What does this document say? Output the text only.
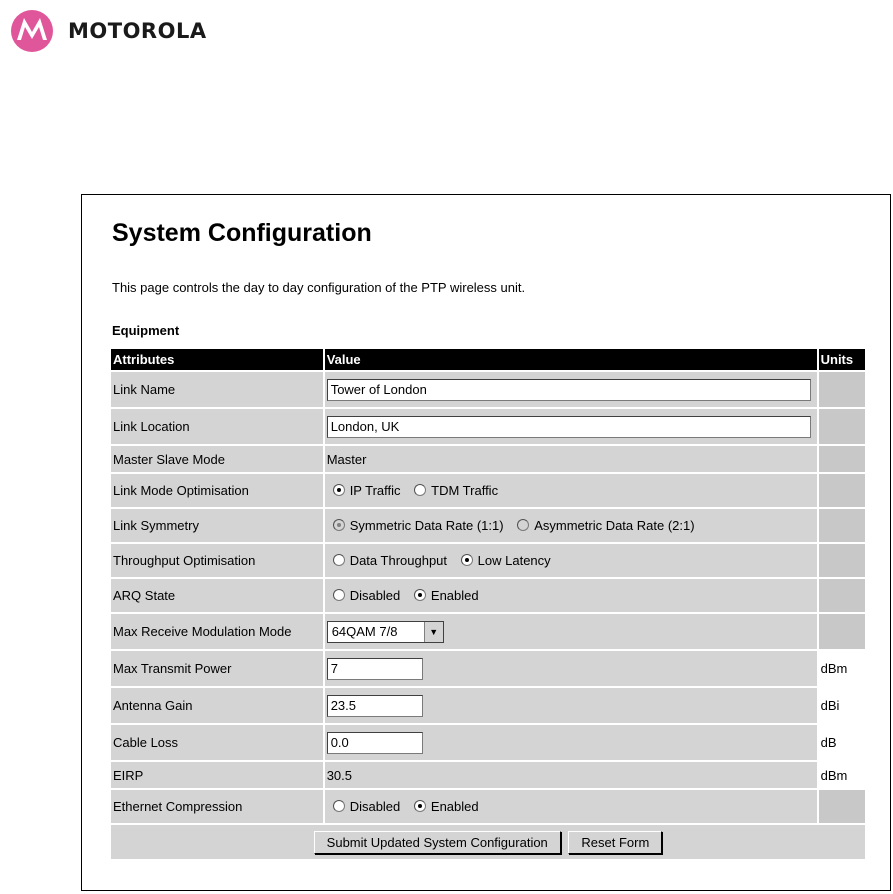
MOTOROLA
System Configuration
This page controls the day to day configuration of the PTP wireless unit.
Equipment
Attributes	Value	Units
Link Name	Tower of London	
Link Location	London, UK	
Master Slave Mode	Master	
Link Mode Optimisation	IP Traffic TDM Traffic	
Link Symmetry	Symmetric Data Rate (1:1) Asymmetric Data Rate (2:1)	
Throughput Optimisation	Data Throughput Low Latency	
ARQ State	Disabled Enabled	
Max Receive Modulation Mode	64QAM 7/8 ▼	

Max Transmit Power	7	dBm
Antenna Gain	23.5	dBi
Cable Loss	0.0	dB
EIRP	30.5	dBm
Ethernet Compression	Disabled Enabled	
Submit Updated System Configuration Reset Form		
